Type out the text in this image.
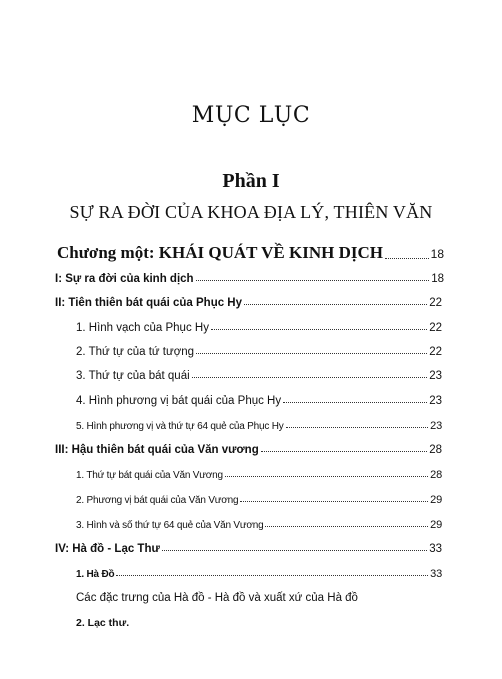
MỤC LỤC
Phần I
SỰ RA ĐỜI CỦA KHOA ĐỊA LÝ, THIÊN VĂN
Chương một: KHÁI QUÁT VỀ KINH DỊCH	18
I: Sự ra đời của kinh dịch	18
II: Tiên thiên bát quái của Phục Hy	22
1. Hình vạch của Phục Hy	22
2. Thứ tự của tứ tượng	22
3. Thứ tự của bát quái	23
4. Hình phương vị bát quái của Phục Hy	23
5. Hình phương vị và thứ tự 64 quẻ của Phục Hy	23
III: Hậu thiên bát quái của Văn vương	28
1. Thứ tự bát quái của Văn Vương	28
2. Phương vị bát quái của Văn Vương	29
3. Hình và số thứ tự 64 quẻ của Văn Vương	29
IV: Hà đồ - Lạc Thư	33
1. Hà Đồ	33
Các đặc trưng của Hà đồ - Hà đồ và xuất xứ của Hà đồ
2. Lạc thư.
